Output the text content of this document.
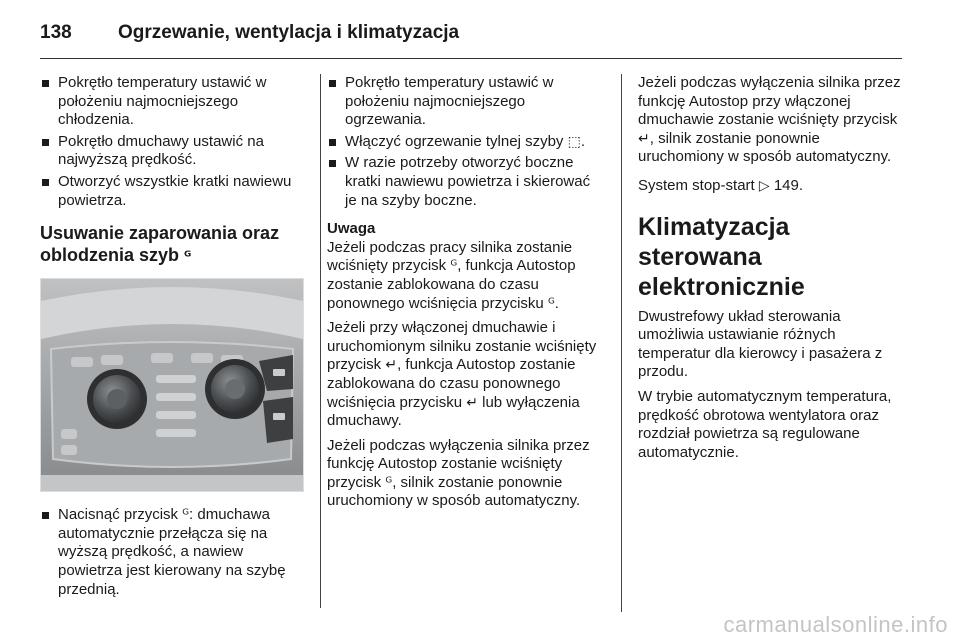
138	Ogrzewanie, wentylacja i klimatyzacja
Pokrętło temperatury ustawić w położeniu najmocniejszego chłodzenia.
Pokrętło dmuchawy ustawić na najwyższą prędkość.
Otworzyć wszystkie kratki nawiewu powietrza.
Usuwanie zaparowania oraz oblodzenia szyb ᴳ
Nacisnąć przycisk ᴳ: dmuchawa automatycznie przełącza się na wyższą prędkość, a nawiew powietrza jest kierowany na szybę przednią.
Pokrętło temperatury ustawić w położeniu najmocniejszego ogrzewania.
Włączyć ogrzewanie tylnej szyby ⬚.
W razie potrzeby otworzyć boczne kratki nawiewu powietrza i skierować je na szyby boczne.
Uwaga

Jeżeli podczas pracy silnika zostanie wciśnięty przycisk ᴳ, funkcja Autostop zostanie zablokowana do czasu ponownego wciśnięcia przycisku ᴳ.

Jeżeli przy włączonej dmuchawie i uruchomionym silniku zostanie wciśnięty przycisk ↵, funkcja Autostop zostanie zablokowana do czasu ponownego wciśnięcia przycisku ↵ lub wyłączenia dmuchawy.

Jeżeli podczas wyłączenia silnika przez funkcję Autostop zostanie wciśnięty przycisk ᴳ, silnik zostanie ponownie uruchomiony w sposób automatyczny.

Jeżeli podczas wyłączenia silnika przez funkcję Autostop przy włączonej dmuchawie zostanie wciśnięty przycisk ↵, silnik zostanie ponownie uruchomiony w sposób automatyczny.

System stop-start ▷ 149.

Klimatyzacja sterowana elektronicznie

Dwustrefowy układ sterowania umożliwia ustawianie różnych temperatur dla kierowcy i pasażera z przodu.

W trybie automatycznym temperatura, prędkość obrotowa wentylatora oraz rozdział powietrza są regulowane automatycznie.

carmanualsonline.info
